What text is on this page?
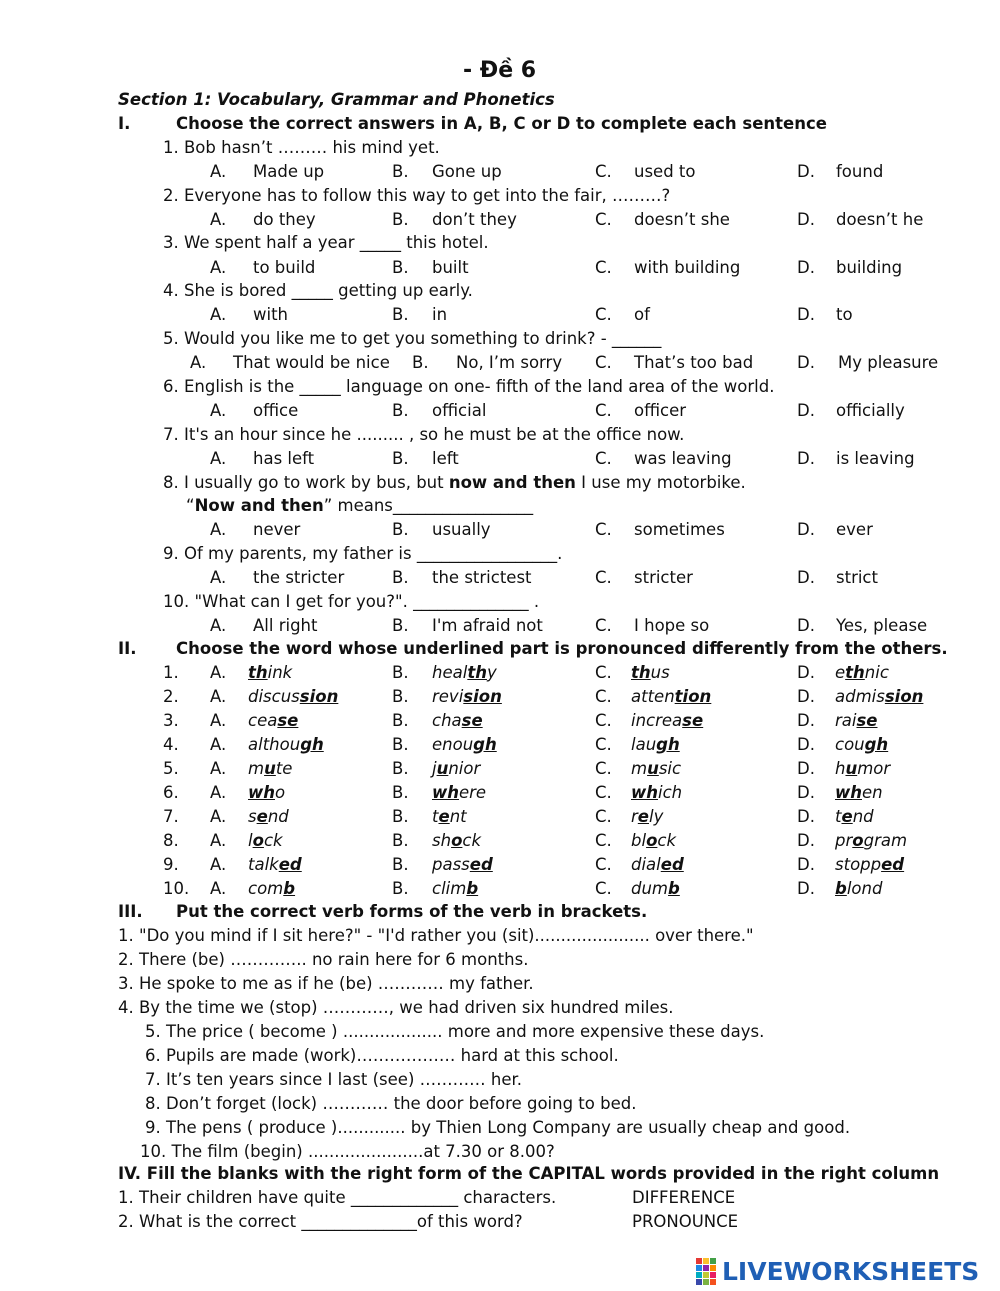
- Đề 6
Section 1: Vocabulary, Grammar and Phonetics
I.	Choose the correct answers in A, B, C or D to complete each sentence
1. Bob hasn’t ……… his mind yet.
A. Made up	B. Gone up	C. used to	D. found
2. Everyone has to follow this way to get into the fair, ………?
A. do they	B. don’t they	C. doesn’t she	D. doesn’t he
3. We spent half a year _____ this hotel.
A. to build	B. built	C. with building	D. building
4. She is bored _____ getting up early.
A. with	B. in	C. of	D. to
5. Would you like me to get you something to drink? - ______
A. That would be nice B. No, I’m sorry C. That’s too bad	D. My pleasure
6. English is the _____ language on one- fifth of the land area of the world.
A. office	B. official	C. officer	D. officially
7. It's an hour since he ......... , so he must be at the office now.
A. has left	B. left	C. was leaving	D. is leaving
“Now and then” means_________________
8. I usually go to work by bus, but now and then I use my motorbike.
A. never	B. usually	C. sometimes	D. ever
9. Of my parents, my father is _________________.
A. the stricter	B. the strictest	C. stricter	D. strict
10. "What can I get for you?". ______________ .
A. All right	B. I'm afraid not	C. I hope so	D. Yes, please
II. Choose the word whose underlined part is pronounced differently from the others.
1. A. think	B. healthy	C. thus	D. ethnic
2. A. discussion	B. revision	C. attention	D. admission
3. A. cease	B. chase	C. increase	D. raise
4. A. although	B. enough	C. laugh	D. cough
5. A. mute	B. junior	C. music	D. humor
6. A. who	B. where	C. which	D. when
7. A. send	B. tent	C. rely	D. tend
8. A. lock	B. shock	C. block	D. program
9. A. talked	B. passed	C. dialed	D. stopped
10. A. comb	B. climb	C. dumb	D. blond
III. Put the correct verb forms of the verb in brackets.
1. "Do you mind if I sit here?" - "I'd rather you (sit)...................... over there."
2. There (be) ………….. no rain here for 6 months.
3. He spoke to me as if he (be) ………… my father.
4. By the time we (stop) …………, we had driven six hundred miles.
5. The price ( become ) ................... more and more expensive these days.
6. Pupils are made (work)……………… hard at this school.
7. It’s ten years since I last (see) ………… her.
8. Don’t forget (lock) ………… the door before going to bed.
9. The pens ( produce )............. by Thien Long Company are usually cheap and good.
10. The film (begin) ......................at 7.30 or 8.00?
IV. Fill the blanks with the right form of the CAPITAL words provided in the right column
1. Their children have quite _____________ characters.	DIFFERENCE
2. What is the correct ______________of this word?	PRONOUNCE
LIVEWORKSHEETS
